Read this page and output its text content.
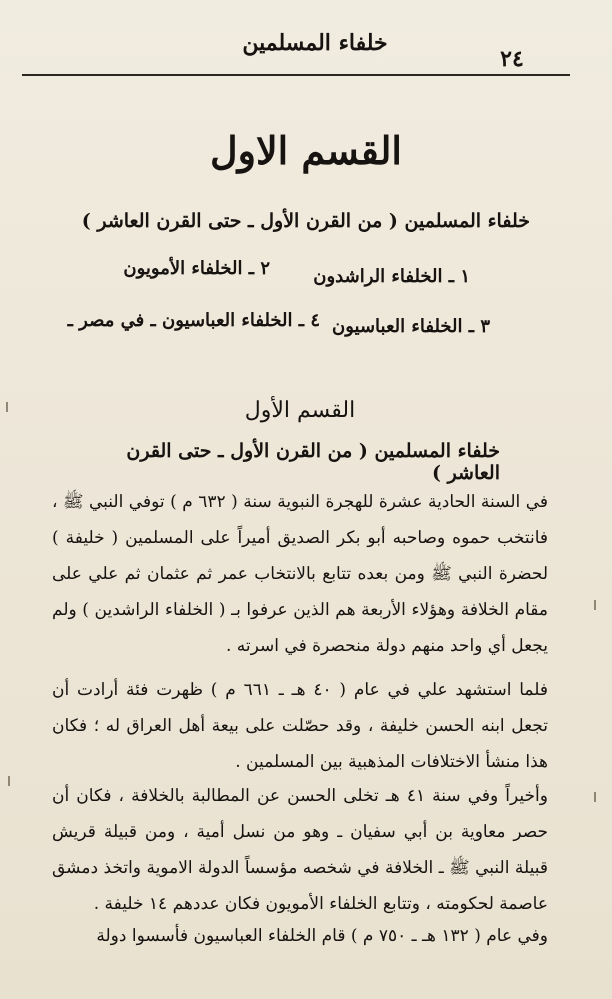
خلفاء المسلمين
٢٤
القسم الاول
خلفاء المسلمين ( من القرن الأول ـ حتى القرن العاشر )
١ ـ الخلفاء الراشدون
٢ ـ الخلفاء الأمويون
٣ ـ الخلفاء العباسيون
٤ ـ الخلفاء العباسيون ـ في مصر ـ
القسم الأول
خلفاء المسلمين ( من القرن الأول ـ حتى القرن العاشر )

في السنة الحادية عشرة للهجرة النبوية سنة ( ٦٣٢ م ) توفي النبي ﷺ ، فانتخب حموه وصاحبه أبو بكر الصديق أميراً على المسلمين ( خليفة ) لحضرة النبي ﷺ ومن بعده تتابع بالانتخاب عمر ثم عثمان ثم علي على مقام الخلافة وهؤلاء الأربعة هم الذين عرفوا بـ ( الخلفاء الراشدين ) ولم يجعل أي واحد منهم دولة منحصرة في اسرته .

فلما استشهد علي في عام ( ٤٠ هـ ـ ٦٦١ م ) ظهرت فئة أرادت أن تجعل ابنه الحسن خليفة ، وقد حصّلت على بيعة أهل العراق له ؛ فكان هذا منشأ الاختلافات المذهبية بين المسلمين .

وأخيراً وفي سنة ٤١ هـ تخلى الحسن عن المطالبة بالخلافة ، فكان أن حصر معاوية بن أبي سفيان ـ وهو من نسل أمية ، ومن قبيلة قريش قبيلة النبي ﷺ ـ الخلافة في شخصه مؤسساً الدولة الاموية واتخذ دمشق عاصمة لحكومته ، وتتابع الخلفاء الأمويون فكان عددهم ١٤ خليفة .

وفي عام ( ١٣٢ هـ ـ ٧٥٠ م ) قام الخلفاء العباسيون فأسسوا دولة
